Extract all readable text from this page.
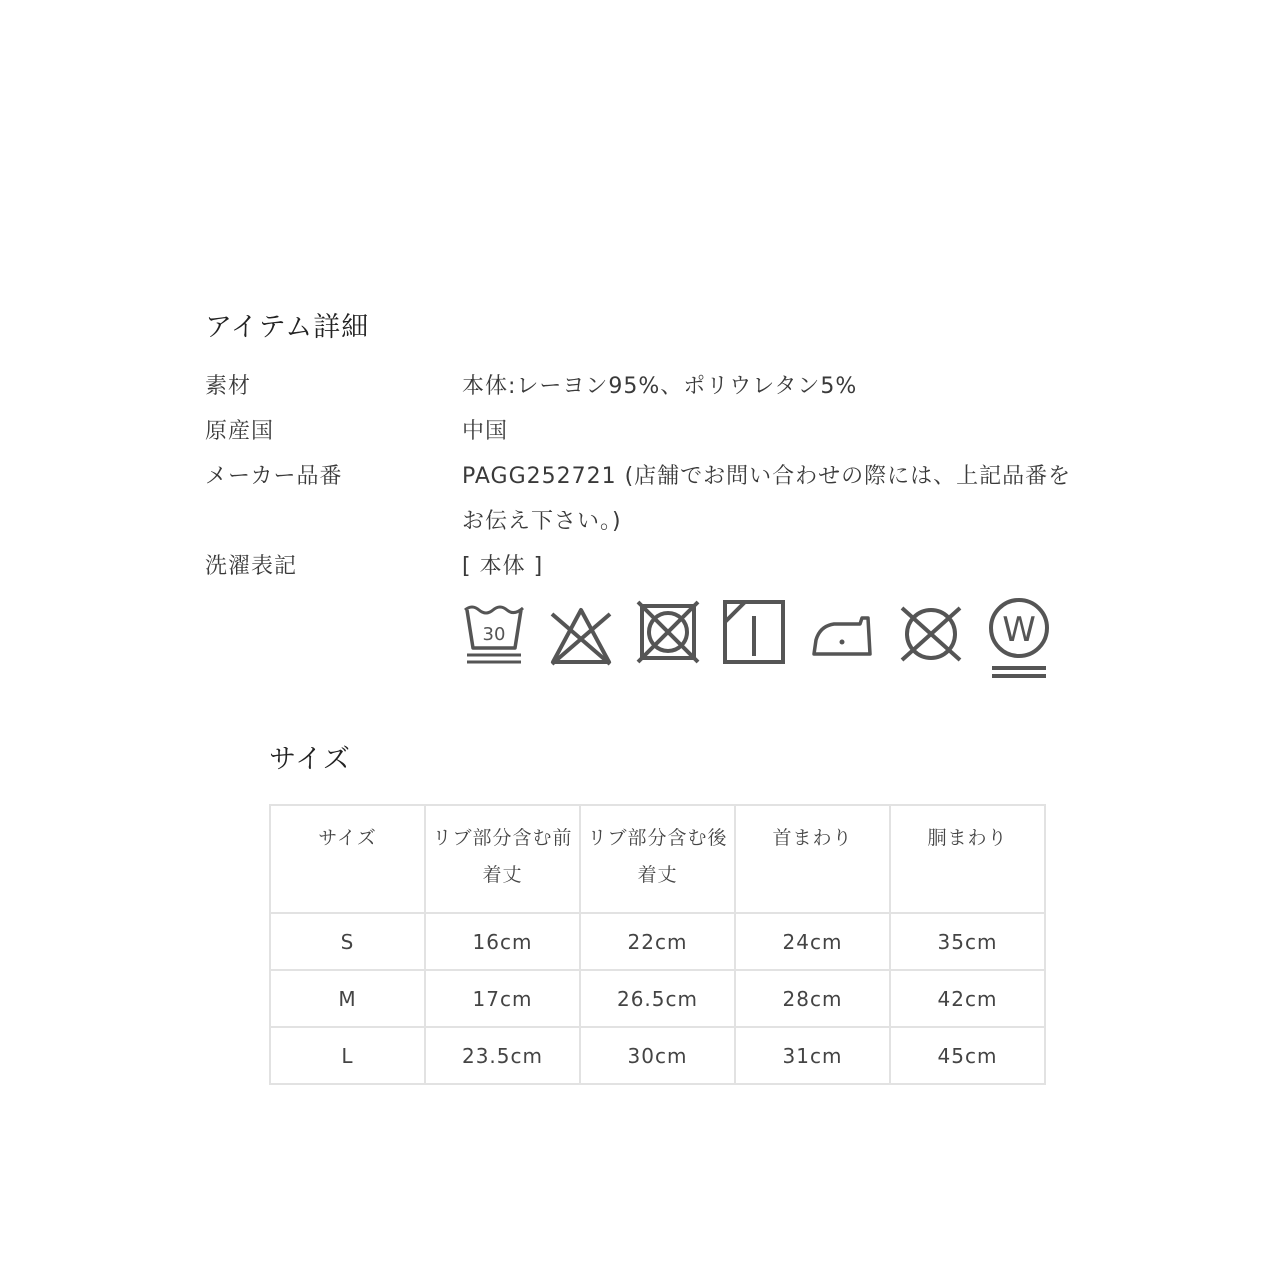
アイテム詳細
素材	本体:レーヨン95%、ポリウレタン5%
原産国	中国
メーカー品番	PAGG252721 (店舗でお問い合わせの際には、上記品番をお伝え下さい。)
洗濯表記	[ 本体 ]
30	W
サイズ
サイズ	リブ部分含む前着丈	リブ部分含む後着丈	首まわり	胴まわり
S	16cm	22cm	24cm	35cm
M	17cm	26.5cm	28cm	42cm
L	23.5cm	30cm	31cm	45cm
